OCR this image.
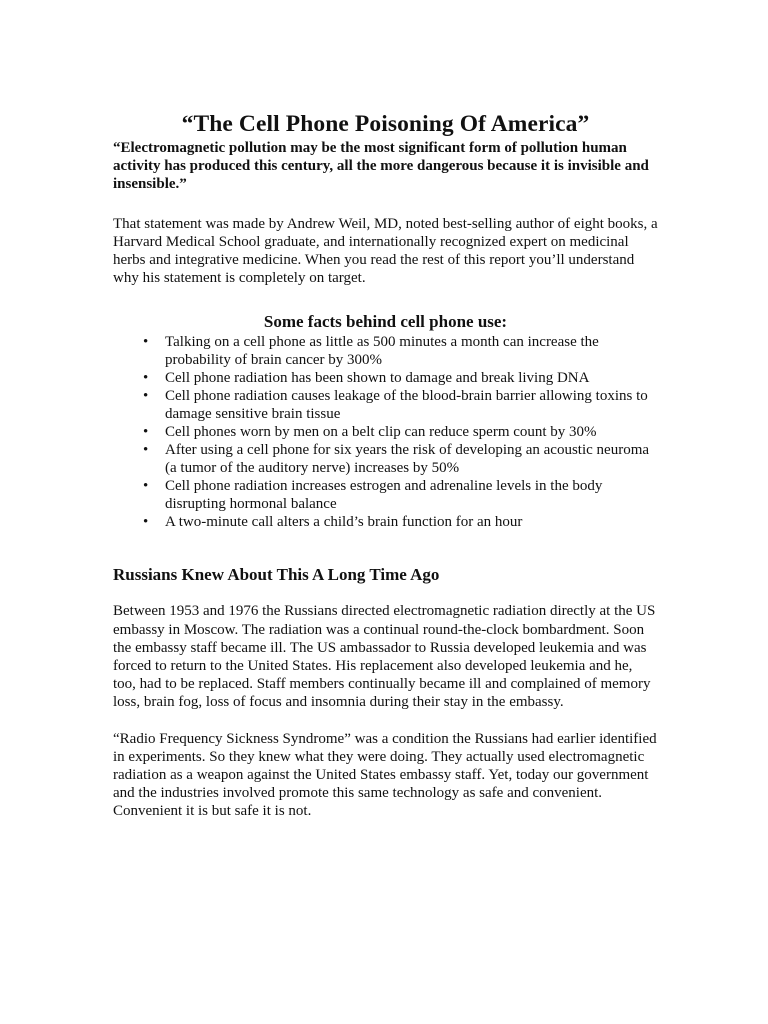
“The Cell Phone Poisoning Of America”

“Electromagnetic pollution may be the most significant form of pollution human activity has produced this century, all the more dangerous because it is invisible and insensible.”

That statement was made by Andrew Weil, MD, noted best-selling author of eight books, a Harvard Medical School graduate, and internationally recognized expert on medicinal herbs and integrative medicine. When you read the rest of this report you’ll understand why his statement is completely on target.

Some facts behind cell phone use:
• Talking on a cell phone as little as 500 minutes a month can increase the probability of brain cancer by 300%
• Cell phone radiation has been shown to damage and break living DNA
• Cell phone radiation causes leakage of the blood-brain barrier allowing toxins to damage sensitive brain tissue
• Cell phones worn by men on a belt clip can reduce sperm count by 30%
• After using a cell phone for six years the risk of developing an acoustic neuroma (a tumor of the auditory nerve) increases by 50%
• Cell phone radiation increases estrogen and adrenaline levels in the body disrupting hormonal balance
• A two-minute call alters a child’s brain function for an hour
Russians Knew About This A Long Time Ago

Between 1953 and 1976 the Russians directed electromagnetic radiation directly at the US embassy in Moscow. The radiation was a continual round-the-clock bombardment. Soon the embassy staff became ill. The US ambassador to Russia developed leukemia and was forced to return to the United States. His replacement also developed leukemia and he, too, had to be replaced. Staff members continually became ill and complained of memory loss, brain fog, loss of focus and insomnia during their stay in the embassy.

“Radio Frequency Sickness Syndrome” was a condition the Russians had earlier identified in experiments. So they knew what they were doing. They actually used electromagnetic radiation as a weapon against the United States embassy staff. Yet, today our government and the industries involved promote this same technology as safe and convenient. Convenient it is but safe it is not.
